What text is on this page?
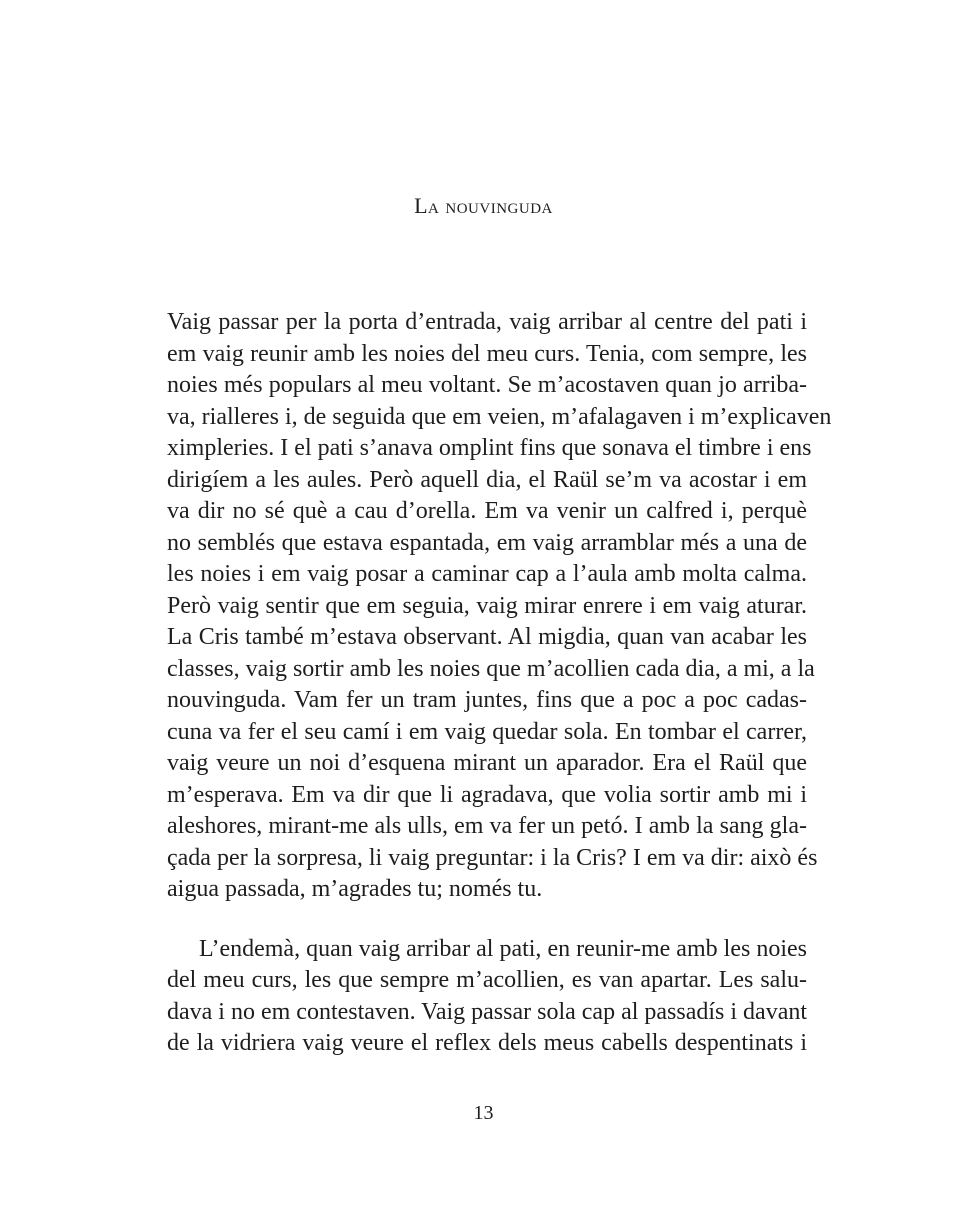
La nouvinguda
Vaig passar per la porta d’entrada, vaig arribar al centre del pati i
em vaig reunir amb les noies del meu curs. Tenia, com sempre, les
noies més populars al meu voltant. Se m’acostaven quan jo arriba-
va, rialleres i, de seguida que em veien, m’afalagaven i m’explicaven
ximpleries. I el pati s’anava omplint fins que sonava el timbre i ens
dirigíem a les aules. Però aquell dia, el Raül se’m va acostar i em
va dir no sé què a cau d’orella. Em va venir un calfred i, perquè
no semblés que estava espantada, em vaig arramblar més a una de
les noies i em vaig posar a caminar cap a l’aula amb molta calma.
Però vaig sentir que em seguia, vaig mirar enrere i em vaig aturar.
La Cris també m’estava observant. Al migdia, quan van acabar les
classes, vaig sortir amb les noies que m’acollien cada dia, a mi, a la
nouvinguda. Vam fer un tram juntes, fins que a poc a poc cadas-
cuna va fer el seu camí i em vaig quedar sola. En tombar el carrer,
vaig veure un noi d’esquena mirant un aparador. Era el Raül que
m’esperava. Em va dir que li agradava, que volia sortir amb mi i
aleshores, mirant-me als ulls, em va fer un petó. I amb la sang gla-
çada per la sorpresa, li vaig preguntar: i la Cris? I em va dir: això és
aigua passada, m’agrades tu; només tu.
L’endemà, quan vaig arribar al pati, en reunir-me amb les noies
del meu curs, les que sempre m’acollien, es van apartar. Les salu-
dava i no em contestaven. Vaig passar sola cap al passadís i davant
de la vidriera vaig veure el reflex dels meus cabells despentinats i
13
